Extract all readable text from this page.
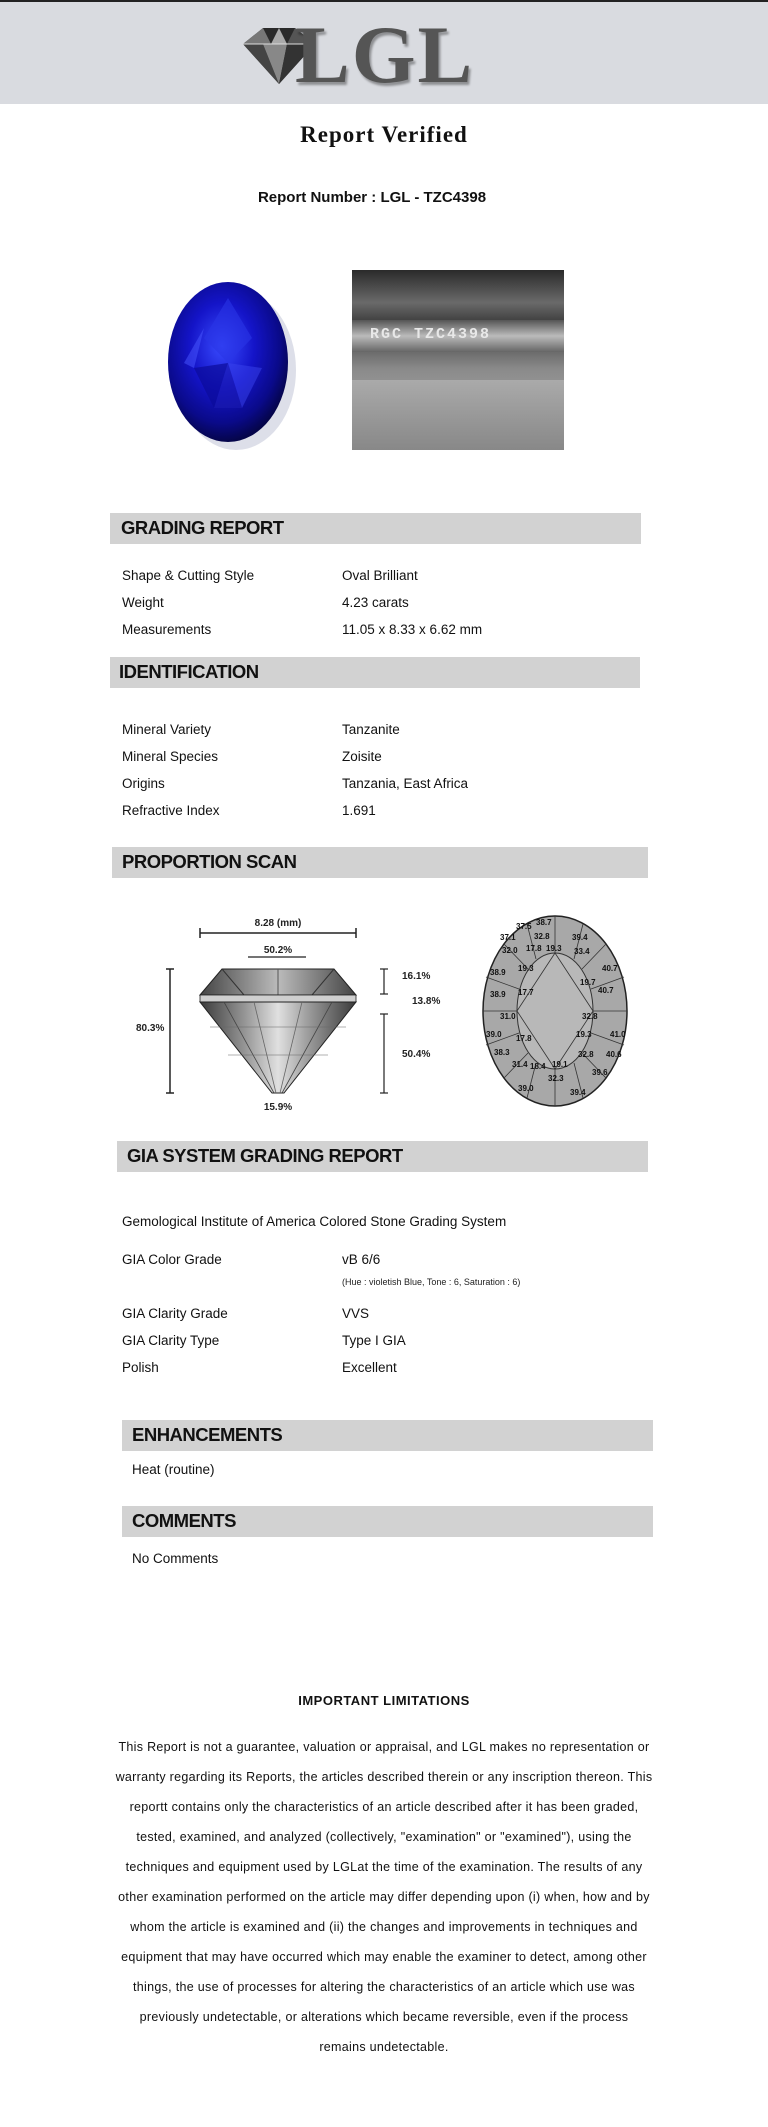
LGL
Report Verified
Report Number : LGL - TZC4398
RGC TZC4398
GRADING REPORT
Shape & Cutting Style	Oval Brilliant
Weight	4.23 carats
Measurements	11.05 x 8.33 x 6.62 mm
IDENTIFICATION
Mineral Variety	Tanzanite
Mineral Species	Zoisite
Origins	Tanzania, East Africa
Refractive Index	1.691
PROPORTION SCAN
8.28 (mm)
50.2%
80.3%
16.1%
13.8%
50.4%
15.9%
37.5 38.7
37.1 32.8	39.4
32.0 17.8 19.3 33.4
38.9 19.3	40.7
38.9 17.7
19.7
40.7
31.0	32.8
39.0	41.0
17.8	19.3
38.3
31.4 18.4 19.1
32.8 40.6
32.3
39.6
39.0	39.4
GIA SYSTEM GRADING REPORT
Gemological Institute of America Colored Stone Grading System
GIA Color Grade	vB 6/6
(Hue : violetish Blue, Tone : 6, Saturation : 6)
GIA Clarity Grade	VVS
GIA Clarity Type	Type I GIA
Polish	Excellent
ENHANCEMENTS
Heat (routine)
COMMENTS
No Comments
IMPORTANT LIMITATIONS
This Report is not a guarantee, valuation or appraisal, and LGL makes no representation or warranty regarding its Reports, the articles described therein or any inscription thereon. This reportt contains only the characteristics of an article described after it has been graded, tested, examined, and analyzed (collectively, "examination" or "examined"), using the techniques and equipment used by LGLat the time of the examination. The results of any other examination performed on the article may differ depending upon (i) when, how and by whom the article is examined and (ii) the changes and improvements in techniques and equipment that may have occurred which may enable the examiner to detect, among other things, the use of processes for altering the characteristics of an article which use was previously undetectable, or alterations which became reversible, even if the process remains undetectable.
